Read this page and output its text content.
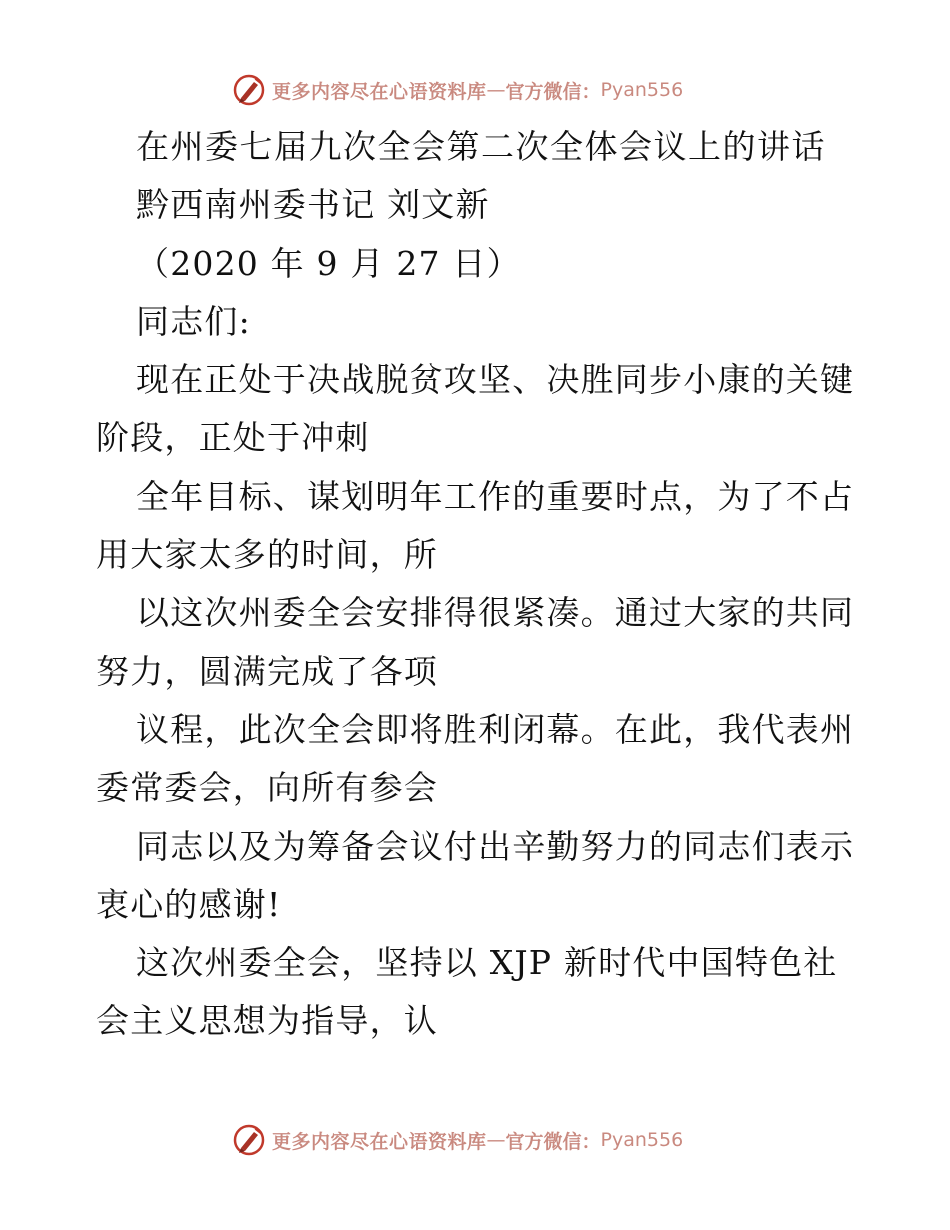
更多内容尽在心语资料库 — 官方微信： Pyan556

在州委七届九次全会第二次全体会议上的讲话

黔西南州委书记 刘文新

（2020 年 9 月 27 日）

同志们:

现在正处于决战脱贫攻坚、决胜同步小康的关键阶段，正处于冲刺

全年目标、谋划明年工作的重要时点，为了不占用大家太多的时间，所

以这次州委全会安排得很紧凑。通过大家的共同努力，圆满完成了各项

议程，此次全会即将胜利闭幕。在此，我代表州委常委会，向所有参会

同志以及为筹备会议付出辛勤努力的同志们表示衷心的感谢!

这次州委全会，坚持以 XJP 新时代中国特色社会主义思想为指导，认

更多内容尽在心语资料库 — 官方微信： Pyan556
